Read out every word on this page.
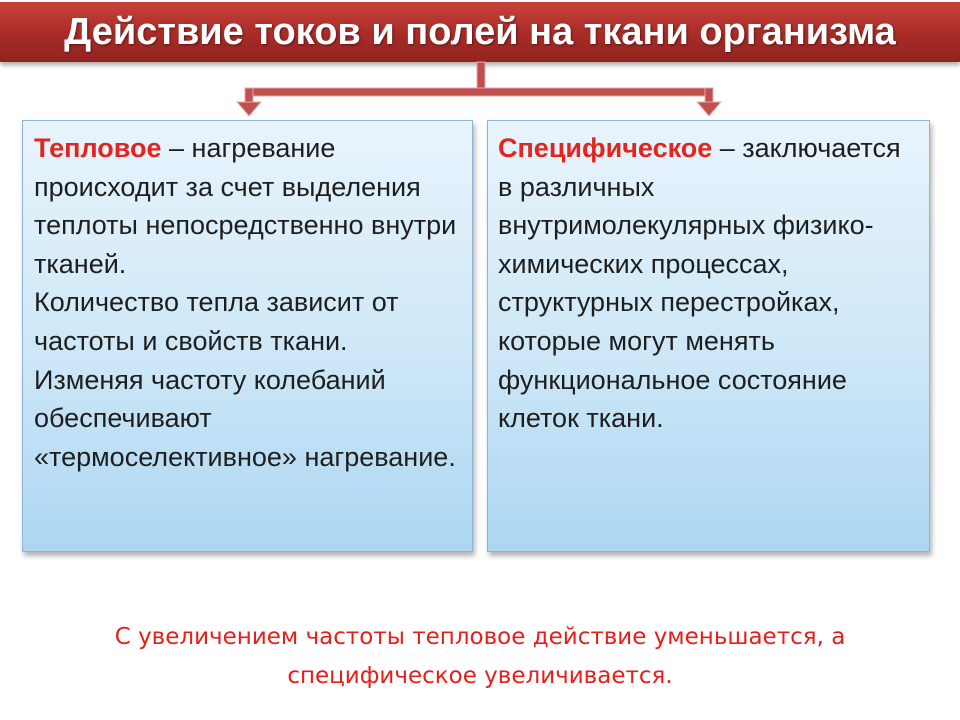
Действие токов и полей на ткани организма

Тепловое – нагревание происходит за счет выделения теплоты непосредственно внутри тканей.

Количество тепла зависит от частоты и свойств ткани.

Изменяя частоту колебаний обеспечивают «термоселективное» нагревание.

Специфическое – заключается в различных внутримолекулярных физико-химических процессах, структурных перестройках, которые могут менять функциональное состояние клеток ткани.

С увеличением частоты тепловое действие уменьшается, а
специфическое увеличивается.
